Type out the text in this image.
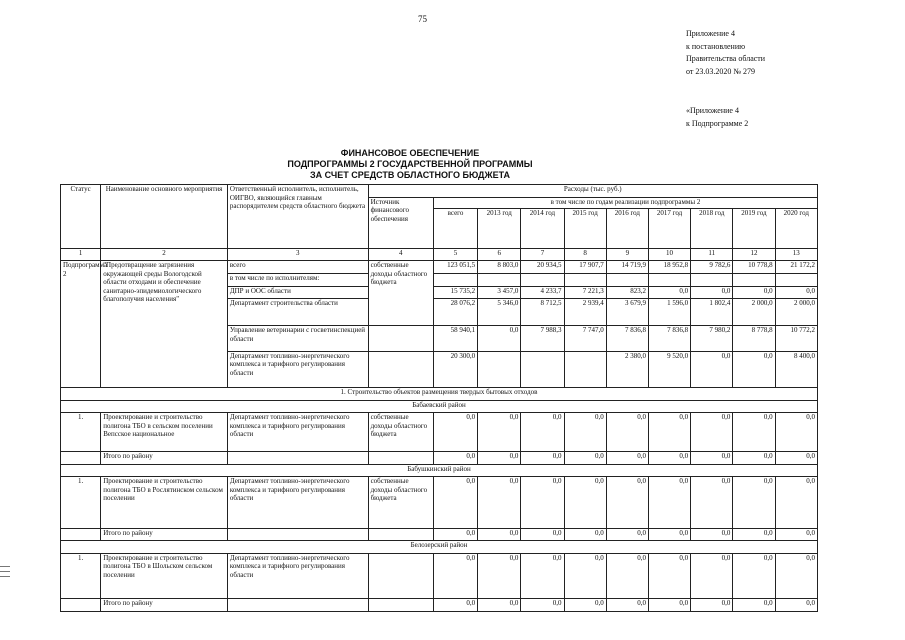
75
Приложение 4
к постановлению
Правительства области
от 23.03.2020 № 279
«Приложение 4
к Подпрограмме 2
ФИНАНСОВОЕ ОБЕСПЕЧЕНИЕ
ПОДПРОГРАММЫ 2 ГОСУДАРСТВЕННОЙ ПРОГРАММЫ
ЗА СЧЕТ СРЕДСТВ ОБЛАСТНОГО БЮДЖЕТА
Статус	Наименование основного мероприятия	Ответственный исполнитель, исполнитель, ОИГВО, являющийся главным распорядителем средств областного бюджета	Расходы (тыс. руб.)									
			Источник финансового обеспечения	в том числе по годам реализации подпрограммы 2								
				всего	2013 год	2014 год	2015 год	2016 год	2017 год	2018 год	2019 год	2020 год
1	2	3	4	5	6	7	8	9	10	11	12	13
Подпрограмма 2	"Предотвращение загрязнения окружающей среды Вологодской области отходами и обеспечение санитарно-эпидемиологического благополучия населения"	всего	собственные доходы областного бюджета	123 051,5	8 803,0	20 934,5	17 907,7	14 719,9	18 952,8	9 782,6	10 778,8	21 172,2
		в том числе по исполнителям:										
		ДПР и ООС области		15 735,2	3 457,0	4 233,7	7 221,3	823,2	0,0	0,0	0,0	0,0
		Департамент строительства области		28 076,2	5 346,0	8 712,5	2 939,4	3 679,9	1 596,0	1 802,4	2 000,0	2 000,0
		Управление ветеринарии с госветинспекцией области		58 940,1	0,0	7 988,3	7 747,0	7 836,8	7 836,8	7 980,2	8 778,8	10 772,2
		Департамент топливно-энергетического комплекса и тарифного регулирования области		20 300,0				2 380,0	9 520,0	0,0	0,0	8 400,0
1. Строительство объектов размещения твердых бытовых отходов												
Бабаевский район												
1.	Проектирование и строительство полигона ТБО в сельском поселении Вепсское национальное	Департамент топливно-энергетического комплекса и тарифного регулирования области	собственные доходы областного бюджета	0,0	0,0	0,0	0,0	0,0	0,0	0,0	0,0	0,0
	Итого по району			0,0	0,0	0,0	0,0	0,0	0,0	0,0	0,0	0,0
Бабушкинский район												
1.	Проектирование и строительство полигона ТБО в Рослятинском сельском поселении	Департамент топливно-энергетического комплекса и тарифного регулирования области	собственные доходы областного бюджета	0,0	0,0	0,0	0,0	0,0	0,0	0,0	0,0	0,0
	Итого по району			0,0	0,0	0,0	0,0	0,0	0,0	0,0	0,0	0,0
Белозерский район												
1.	Проектирование и строительство полигона ТБО в Шольском сельском поселении	Департамент топливно-энергетического комплекса и тарифного регулирования области		0,0	0,0	0,0	0,0	0,0	0,0	0,0	0,0	0,0
	Итого по району			0,0	0,0	0,0	0,0	0,0	0,0	0,0	0,0	0,0
